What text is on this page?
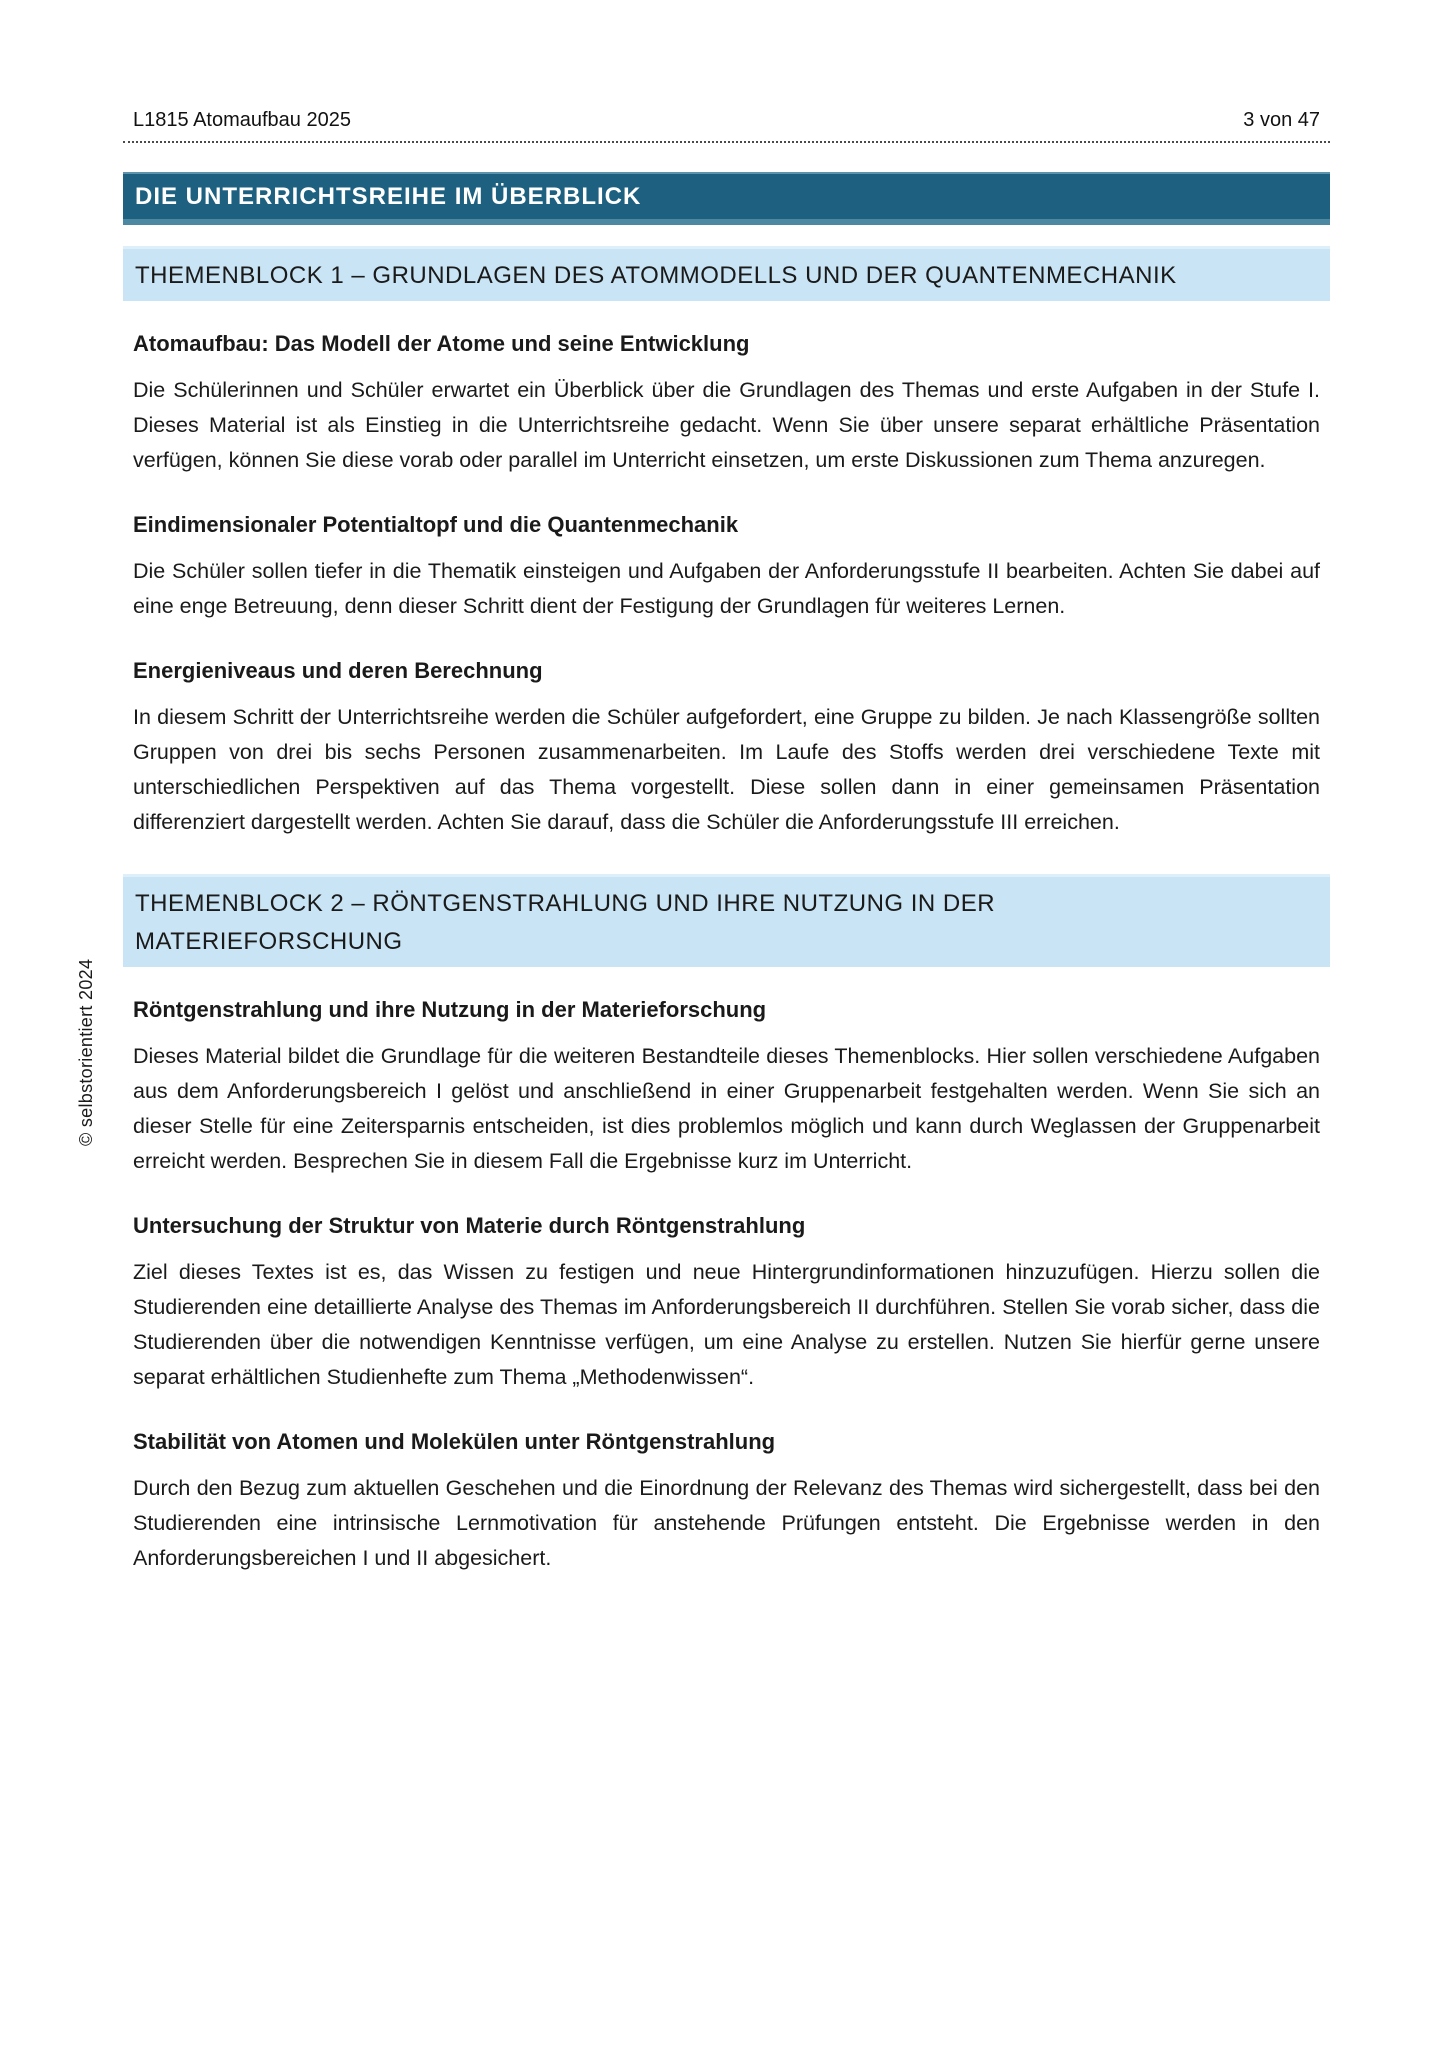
L1815 Atomaufbau 2025	3 von 47
DIE UNTERRICHTSREIHE IM ÜBERBLICK
THEMENBLOCK 1 – GRUNDLAGEN DES ATOMMODELLS UND DER QUANTENMECHANIK
Atomaufbau: Das Modell der Atome und seine Entwicklung

Die Schülerinnen und Schüler erwartet ein Überblick über die Grundlagen des Themas und erste Aufgaben in der Stufe I. Dieses Material ist als Einstieg in die Unterrichtsreihe gedacht. Wenn Sie über unsere separat erhältliche Präsentation verfügen, können Sie diese vorab oder parallel im Unterricht einsetzen, um erste Diskussionen zum Thema anzuregen.

Eindimensionaler Potentialtopf und die Quantenmechanik

Die Schüler sollen tiefer in die Thematik einsteigen und Aufgaben der Anforderungsstufe II bearbeiten. Achten Sie dabei auf eine enge Betreuung, denn dieser Schritt dient der Festigung der Grundlagen für weiteres Lernen.

Energieniveaus und deren Berechnung

In diesem Schritt der Unterrichtsreihe werden die Schüler aufgefordert, eine Gruppe zu bilden. Je nach Klassengröße sollten Gruppen von drei bis sechs Personen zusammenarbeiten. Im Laufe des Stoffs werden drei verschiedene Texte mit unterschiedlichen Perspektiven auf das Thema vorgestellt. Diese sollen dann in einer gemeinsamen Präsentation differenziert dargestellt werden. Achten Sie darauf, dass die Schüler die Anforderungsstufe III erreichen.

THEMENBLOCK 2 – RÖNTGENSTRAHLUNG UND IHRE NUTZUNG IN DER MATERIEFORSCHUNG
Röntgenstrahlung und ihre Nutzung in der Materieforschung

Dieses Material bildet die Grundlage für die weiteren Bestandteile dieses Themenblocks. Hier sollen verschiedene Aufgaben aus dem Anforderungsbereich I gelöst und anschließend in einer Gruppenarbeit festgehalten werden. Wenn Sie sich an dieser Stelle für eine Zeitersparnis entscheiden, ist dies problemlos möglich und kann durch Weglassen der Gruppenarbeit erreicht werden. Besprechen Sie in diesem Fall die Ergebnisse kurz im Unterricht.

Untersuchung der Struktur von Materie durch Röntgenstrahlung

Ziel dieses Textes ist es, das Wissen zu festigen und neue Hintergrundinformationen hinzuzufügen. Hierzu sollen die Studierenden eine detaillierte Analyse des Themas im Anforderungsbereich II durchführen. Stellen Sie vorab sicher, dass die Studierenden über die notwendigen Kenntnisse verfügen, um eine Analyse zu erstellen. Nutzen Sie hierfür gerne unsere separat erhältlichen Studienhefte zum Thema „Methodenwissen“.

Stabilität von Atomen und Molekülen unter Röntgenstrahlung

Durch den Bezug zum aktuellen Geschehen und die Einordnung der Relevanz des Themas wird sichergestellt, dass bei den Studierenden eine intrinsische Lernmotivation für anstehende Prüfungen entsteht. Die Ergebnisse werden in den Anforderungsbereichen I und II abgesichert.

© selbstorientiert 2024
